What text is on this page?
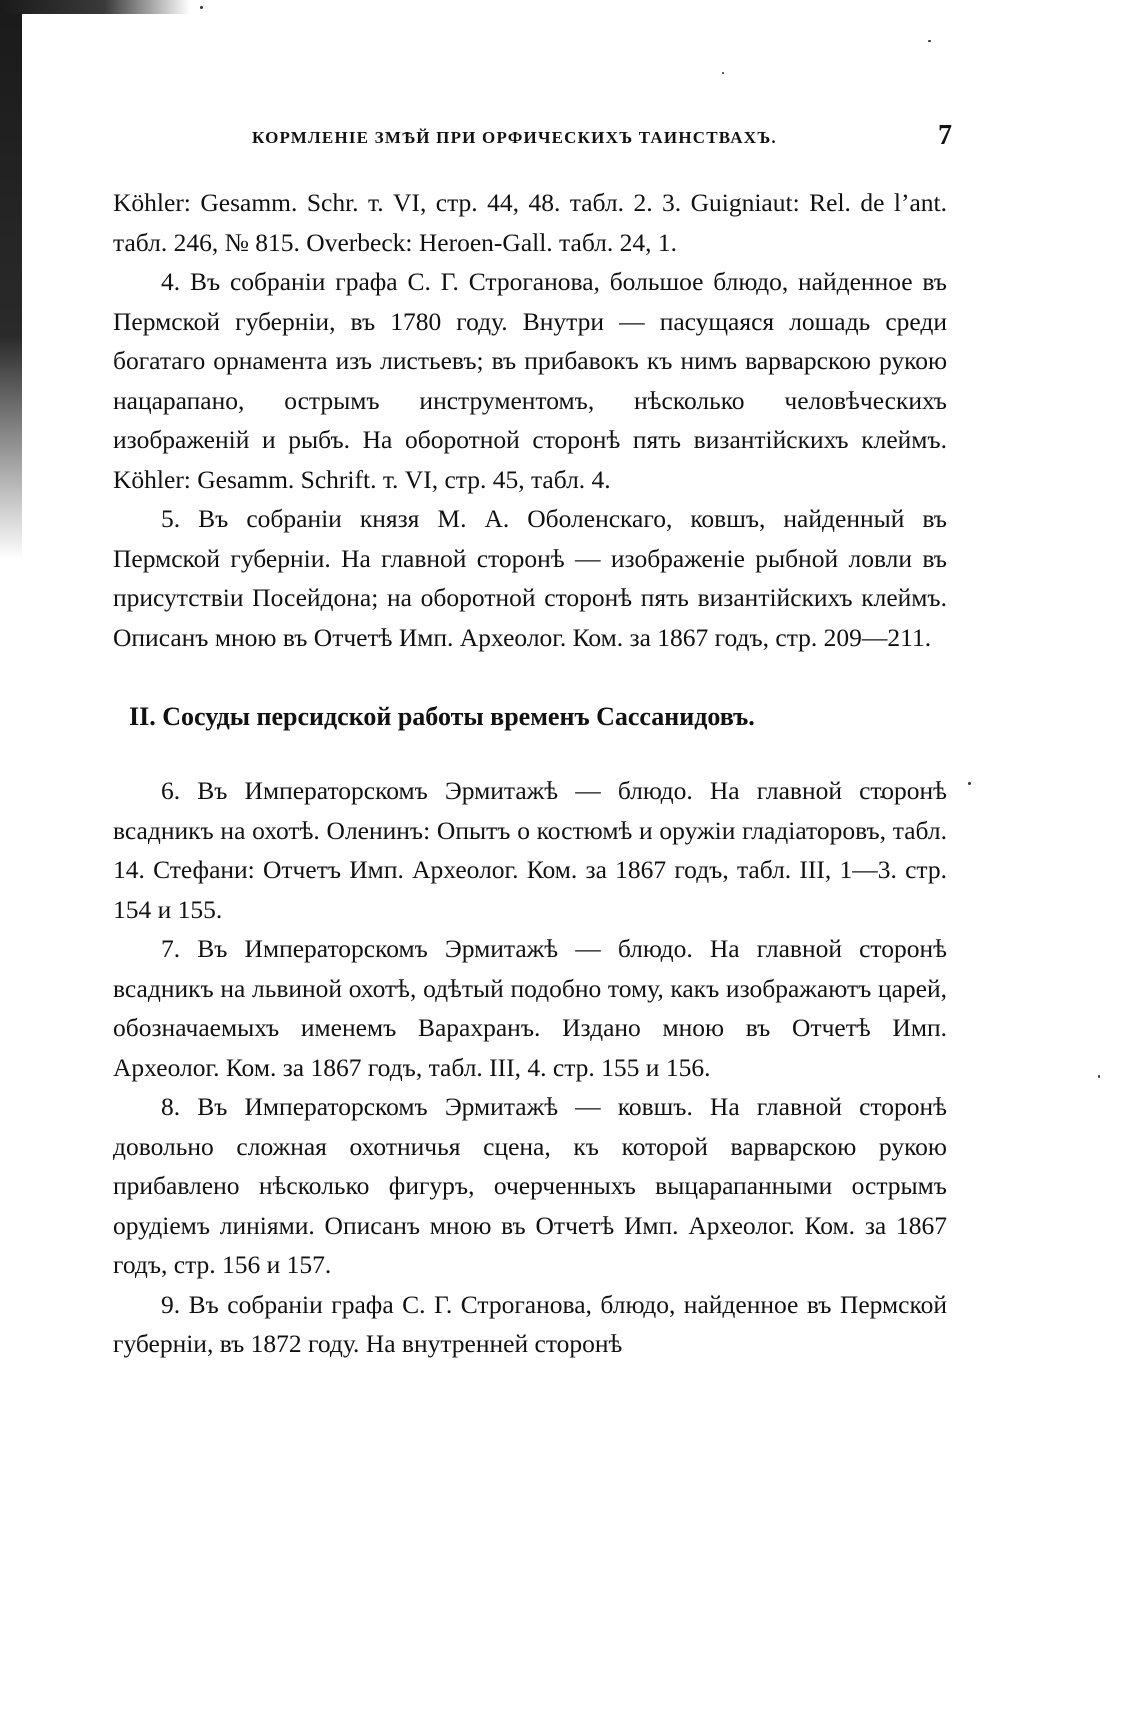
КОРМЛЕНІЕ ЗМѢЙ ПРИ ОРФИЧЕСКИХЪ ТАИНСТВАХЪ.	7

Köhler: Gesamm. Schr. т. VI, стр. 44, 48. табл. 2. 3. Guigniaut: Rel. de l’ant. табл. 246, № 815. Overbeck: Heroen-Gall. табл. 24, 1.

4. Въ собраніи графа С. Г. Строганова, большое блюдо, найденное въ Пермской губерніи, въ 1780 году. Внутри — пасущаяся лошадь среди богатаго орнамента изъ листьевъ; въ прибавокъ къ нимъ варварскою рукою нацарапано, острымъ инструментомъ, нѣсколько человѣческихъ изображеній и рыбъ. На оборотной сторонѣ пять византійскихъ клеймъ. Köhler: Gesamm. Schrift. т. VI, стр. 45, табл. 4.

5. Въ собраніи князя М. А. Оболенскаго, ковшъ, найденный въ Пермской губерніи. На главной сторонѣ — изображеніе рыбной ловли въ присутствіи Посейдона; на оборотной сторонѣ пять византійскихъ клеймъ. Описанъ мною въ Отчетѣ Имп. Археолог. Ком. за 1867 годъ, стр. 209—211.

II. Сосуды персидской работы временъ Сассанидовъ.

6. Въ Императорскомъ Эрмитажѣ — блюдо. На главной сторонѣ всадникъ на охотѣ. Оленинъ: Опытъ о костюмѣ и оружіи гладіаторовъ, табл. 14. Стефани: Отчетъ Имп. Археолог. Ком. за 1867 годъ, табл. III, 1—3. стр. 154 и 155.

7. Въ Императорскомъ Эрмитажѣ — блюдо. На главной сторонѣ всадникъ на львиной охотѣ, одѣтый подобно тому, какъ изображаютъ царей, обозначаемыхъ именемъ Варахранъ. Издано мною въ Отчетѣ Имп. Археолог. Ком. за 1867 годъ, табл. III, 4. стр. 155 и 156.

8. Въ Императорскомъ Эрмитажѣ — ковшъ. На главной сторонѣ довольно сложная охотничья сцена, къ которой варварскою рукою прибавлено нѣсколько фигуръ, очерченныхъ выцарапанными острымъ орудіемъ линіями. Описанъ мною въ Отчетѣ Имп. Археолог. Ком. за 1867 годъ, стр. 156 и 157.

9. Въ собраніи графа С. Г. Строганова, блюдо, найденное въ Пермской губерніи, въ 1872 году. На внутренней сторонѣ
